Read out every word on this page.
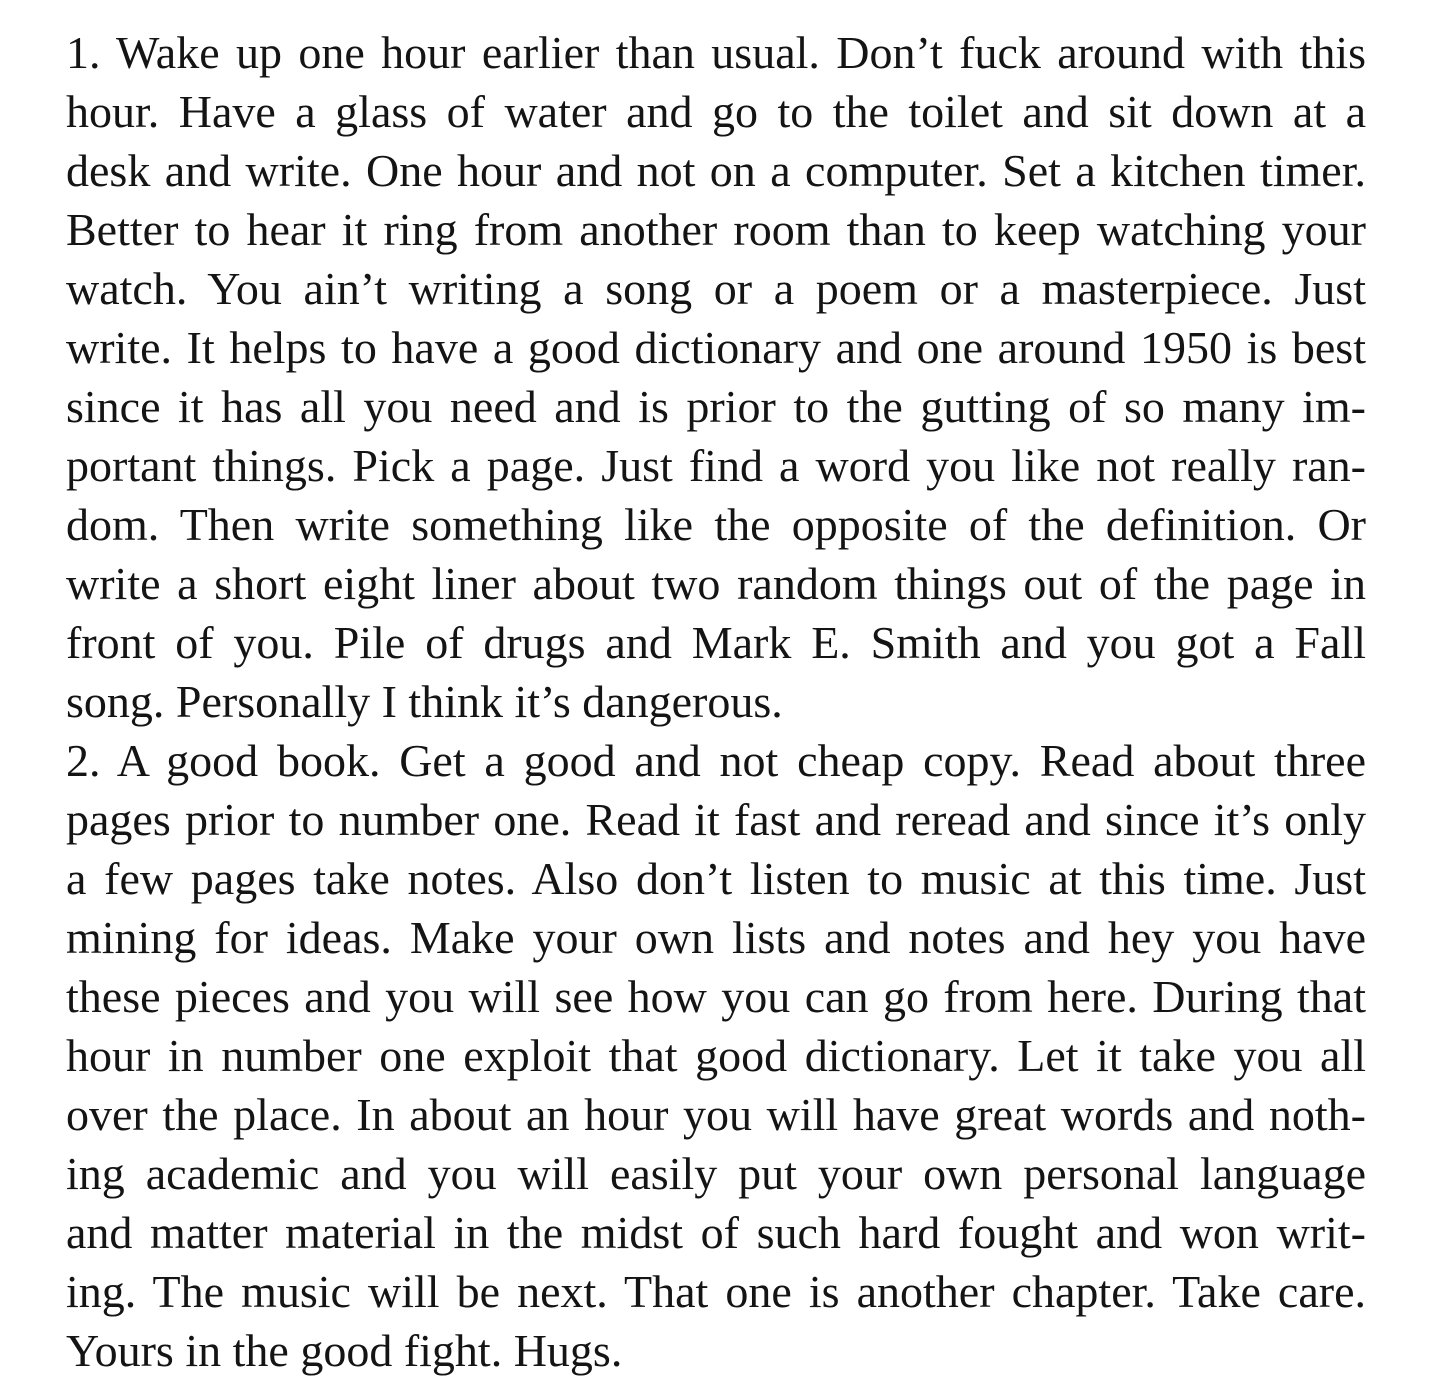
1. Wake up one hour earlier than usual. Don’t fuck around with this
hour. Have a glass of water and go to the toilet and sit down at a
desk and write. One hour and not on a computer. Set a kitchen timer.
Better to hear it ring from another room than to keep watching your
watch. You ain’t writing a song or a poem or a masterpiece. Just
write. It helps to have a good dictionary and one around 1950 is best
since it has all you need and is prior to the gutting of so many im-
portant things. Pick a page. Just find a word you like not really ran-
dom. Then write something like the opposite of the definition. Or
write a short eight liner about two random things out of the page in
front of you. Pile of drugs and Mark E. Smith and you got a Fall
song. Personally I think it’s dangerous.
2. A good book. Get a good and not cheap copy. Read about three
pages prior to number one. Read it fast and reread and since it’s only
a few pages take notes. Also don’t listen to music at this time. Just
mining for ideas. Make your own lists and notes and hey you have
these pieces and you will see how you can go from here. During that
hour in number one exploit that good dictionary. Let it take you all
over the place. In about an hour you will have great words and noth-
ing academic and you will easily put your own personal language
and matter material in the midst of such hard fought and won writ-
ing. The music will be next. That one is another chapter. Take care.
Yours in the good fight. Hugs.
